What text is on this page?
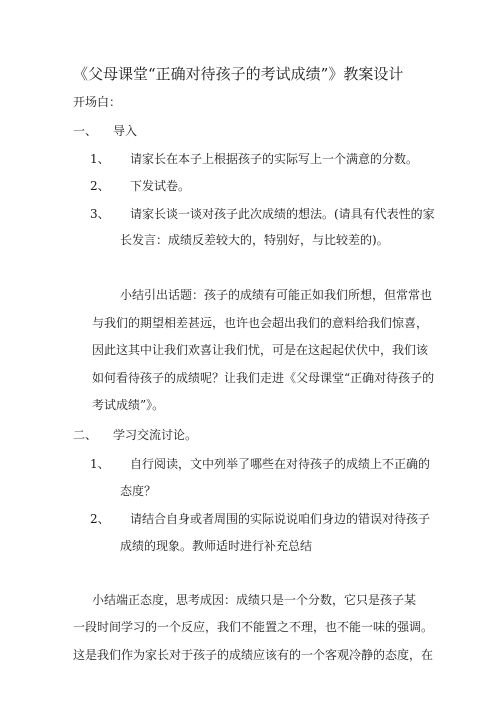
《父母课堂“正确对待孩子的考试成绩”》教案设计
开场白：
一、 导入
1、 请家长在本子上根据孩子的实际写上一个满意的分数。
2、 下发试卷。
3、 请家长谈一谈对孩子此次成绩的想法。(请具有代表性的家
长发言：成绩反差较大的，特别好，与比较差的)。
小结引出话题：孩子的成绩有可能正如我们所想，但常常也
与我们的期望相差甚远，也许也会超出我们的意料给我们惊喜，
因此这其中让我们欢喜让我们忧，可是在这起起伏伏中，我们该
如何看待孩子的成绩呢？让我们走进《父母课堂“正确对待孩子的
考试成绩”》。
二、 学习交流讨论。
1、 自行阅读，文中列举了哪些在对待孩子的成绩上不正确的
态度？
2、 请结合自身或者周围的实际说说咱们身边的错误对待孩子
成绩的现象。教师适时进行补充总结
小结端正态度，思考成因：成绩只是一个分数，它只是孩子某
一段时间学习的一个反应，我们不能置之不理，也不能一味的强调。
这是我们作为家长对于孩子的成绩应该有的一个客观冷静的态度，在
